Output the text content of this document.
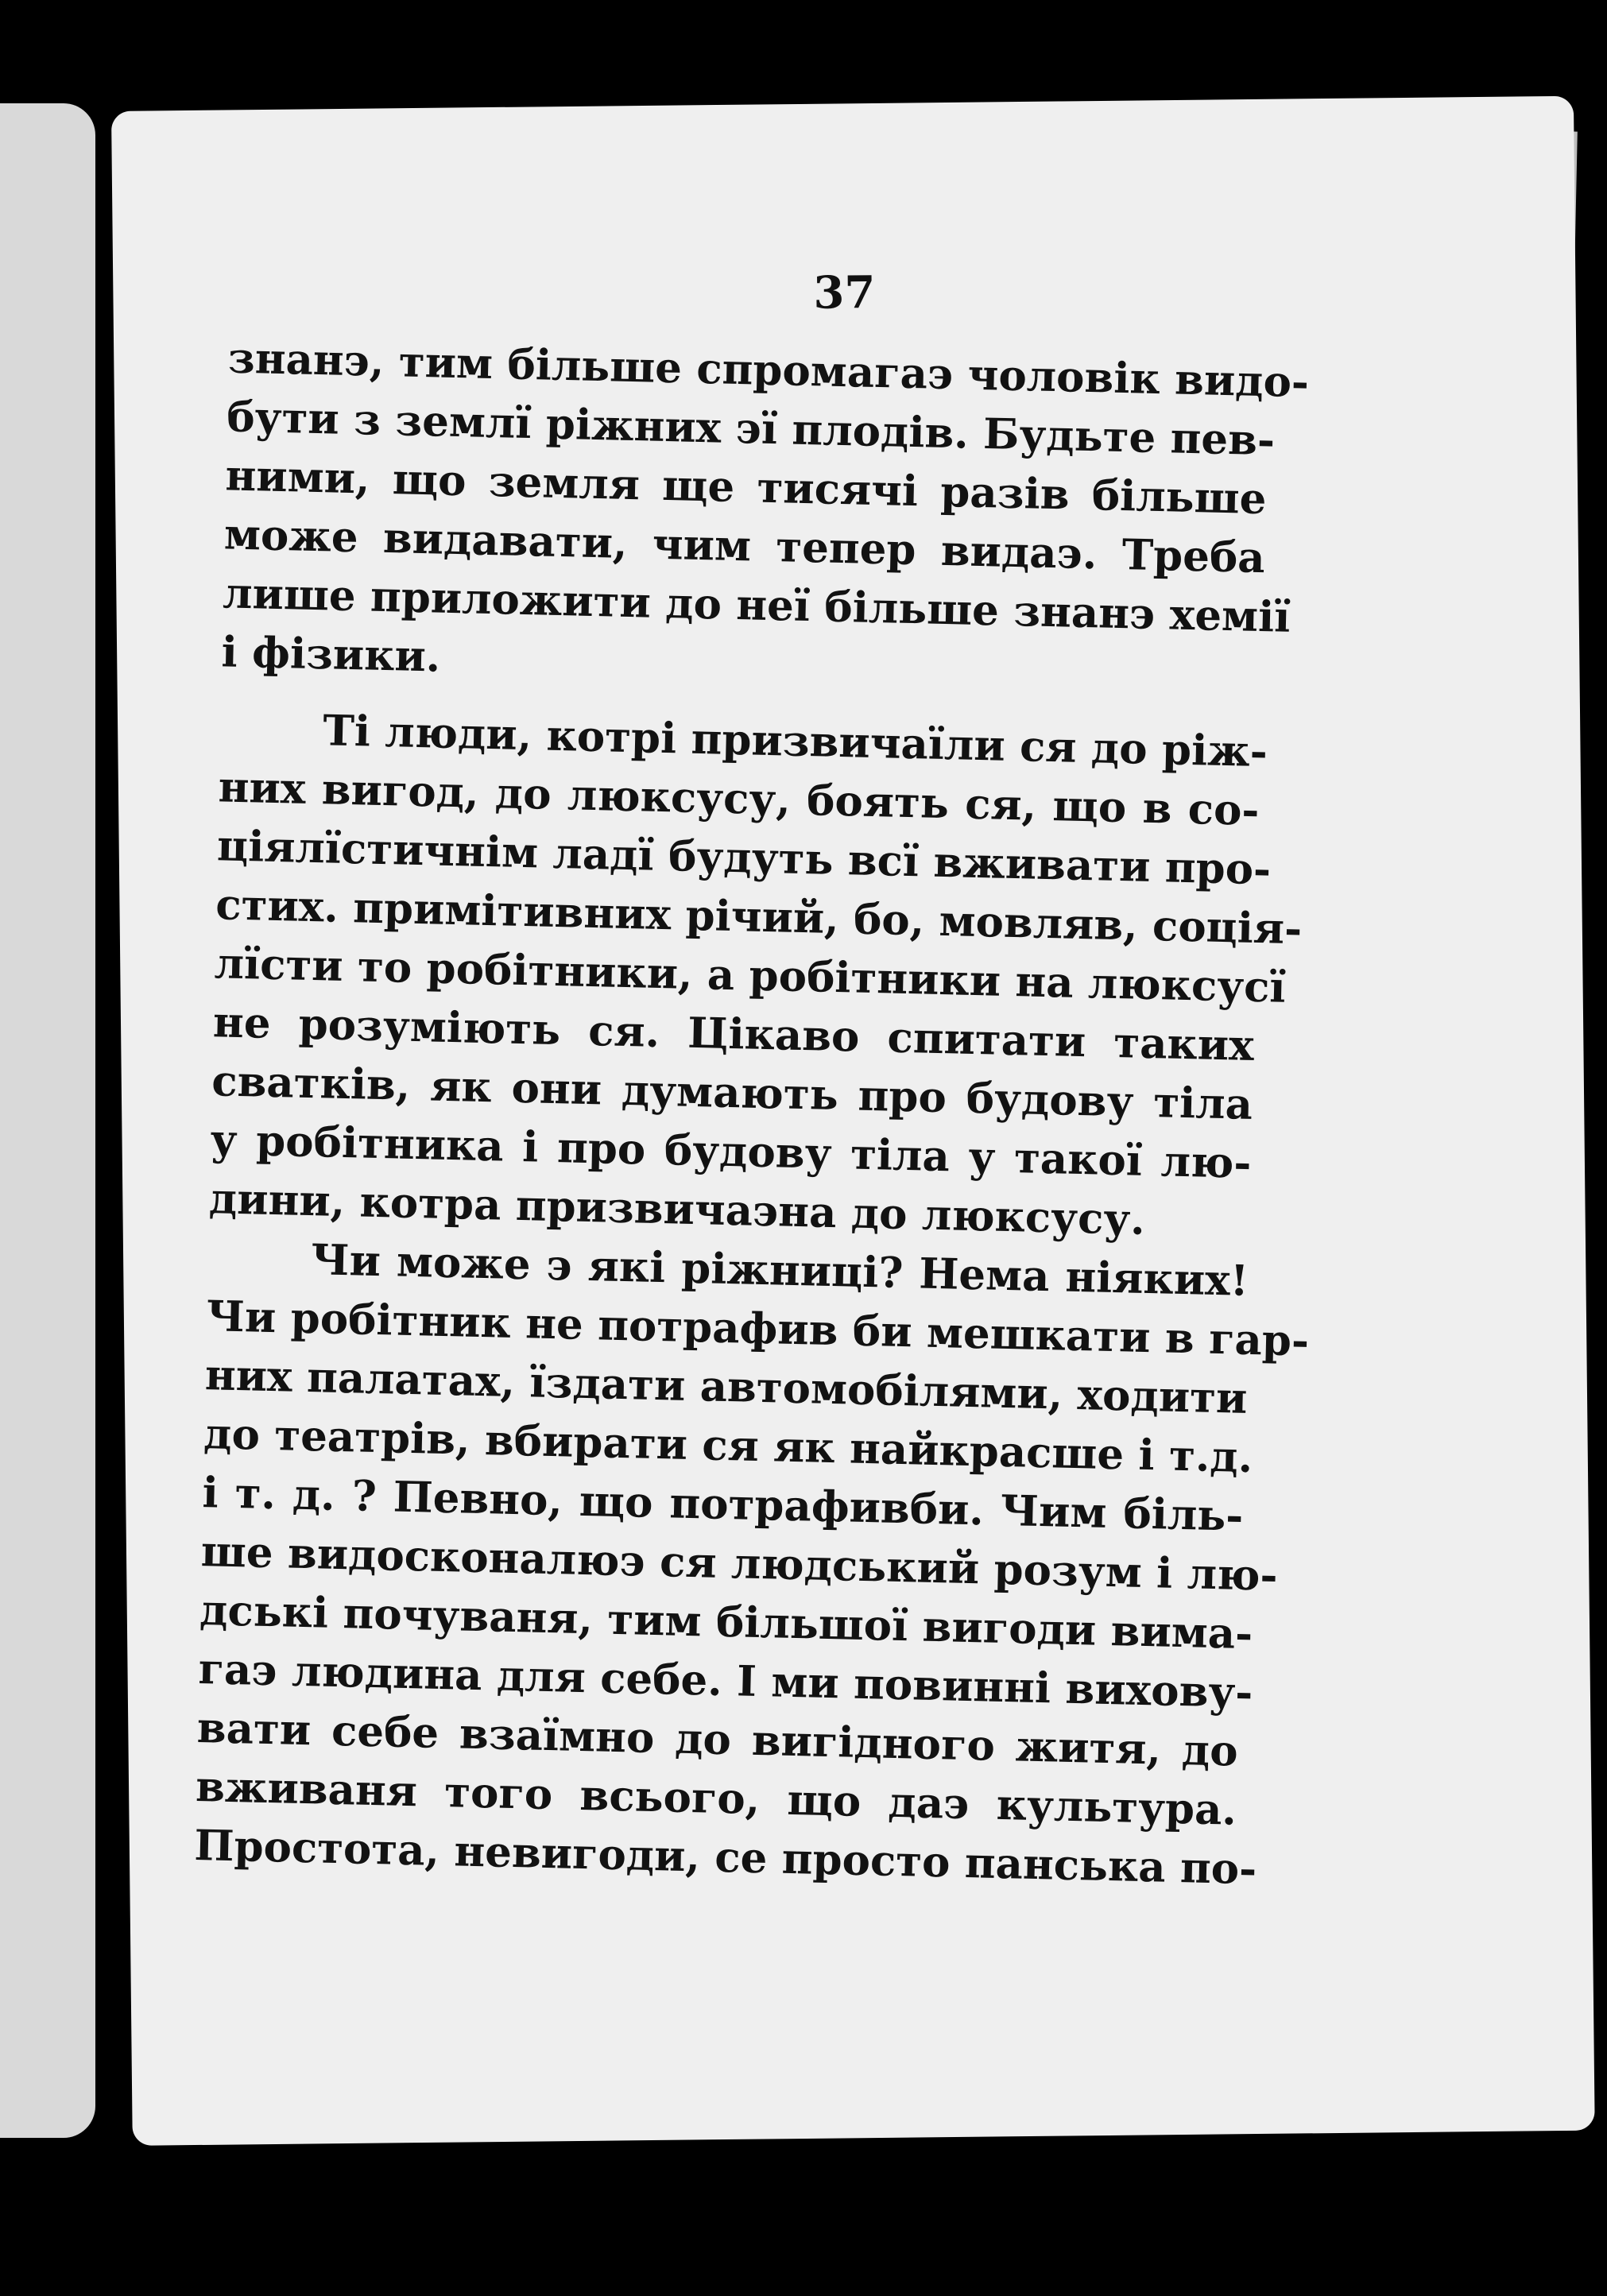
37
знанэ, тим більше спромагаэ чоловік видо-
бути з землї ріжних эї плодів. Будьте пев-
ними, що земля ще тисячі разів більше
може видавати, чим тепер видаэ. Треба
лише приложити до неї більше знанэ хемії
і фізики.
Ті люди, котрі призвичаїли ся до ріж-
них вигод, до люксусу, боять ся, що в со-
ціялїстичнім ладї будуть всї вживати про-
стих. примітивних річий, бо, мовляв, соція-
лїсти то робітники, а робітники на люксусї
не розуміють ся. Цікаво спитати таких
сватків, як они думають про будову тіла
у робітника і про будову тіла у такої лю-
дини, котра призвичаэна до люксусу.
Чи може э які ріжниці? Нема ніяких!
Чи робітник не потрафив би мешкати в гар-
них палатах, їздати автомобілями, ходити
до театрів, вбирати ся як найкрасше і т.д.
і т. д. ? Певно, що потрафивби. Чим біль-
ше видосконалюэ ся людський розум і лю-
дські почуваня, тим більшої вигоди вима-
гаэ людина для себе. І ми повинні вихову-
вати себе взаїмно до вигідного житя, до
вживаня того всього, що даэ культура.
Простота, невигоди, се просто панська по-
